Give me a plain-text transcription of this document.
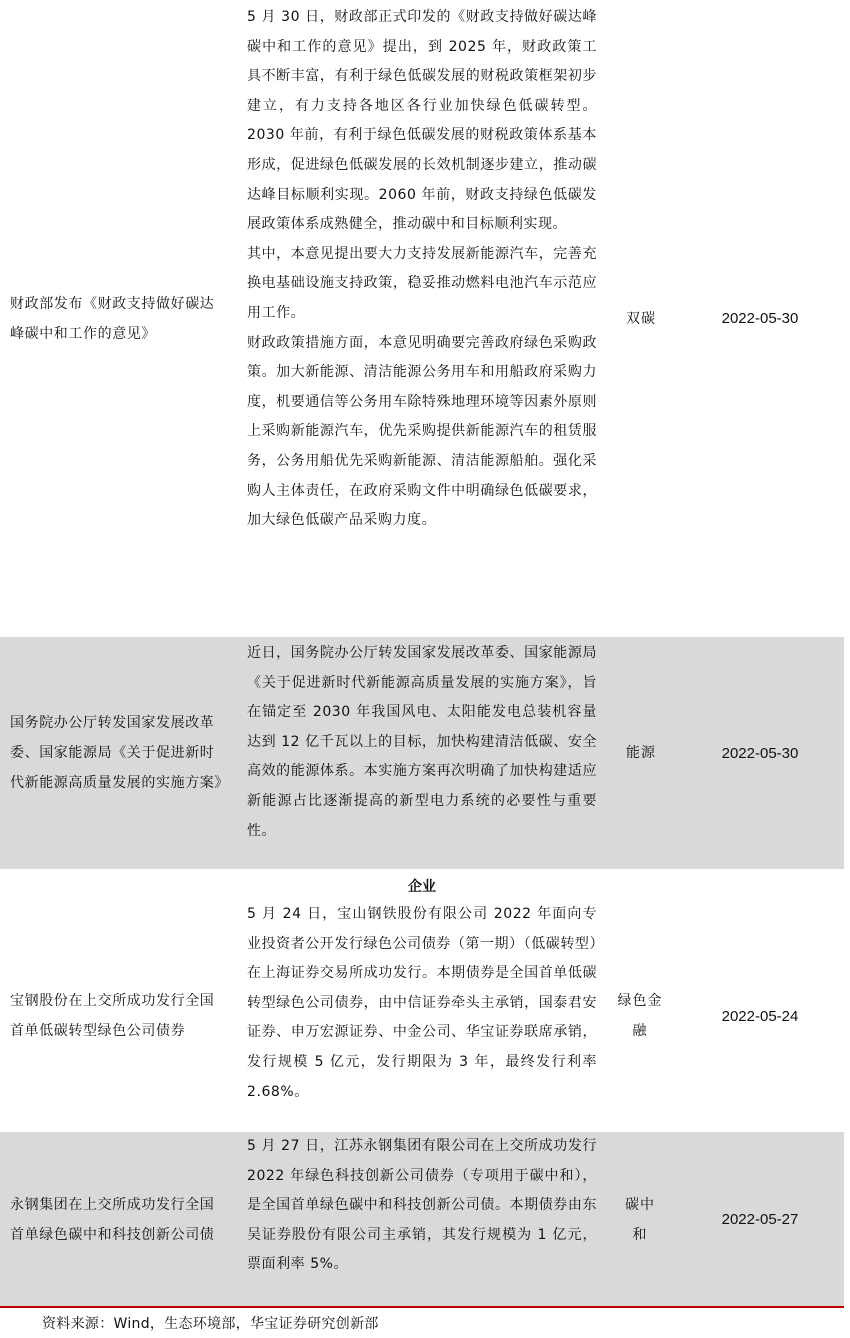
财政部发布《财政支持做好碳达峰碳中和工作的意见》

5 月 30 日，财政部正式印发的《财政支持做好碳达峰碳中和工作的意见》提出，到 2025 年，财政政策工具不断丰富，有利于绿色低碳发展的财税政策框架初步建立，有力支持各地区各行业加快绿色低碳转型。2030 年前，有利于绿色低碳发展的财税政策体系基本形成，促进绿色低碳发展的长效机制逐步建立，推动碳达峰目标顺利实现。2060 年前，财政支持绿色低碳发展政策体系成熟健全，推动碳中和目标顺利实现。

其中，本意见提出要大力支持发展新能源汽车，完善充换电基础设施支持政策，稳妥推动燃料电池汽车示范应用工作。

财政政策措施方面，本意见明确要完善政府绿色采购政策。加大新能源、清洁能源公务用车和用船政府采购力度，机要通信等公务用车除特殊地理环境等因素外原则上采购新能源汽车，优先采购提供新能源汽车的租赁服务，公务用船优先采购新能源、清洁能源船舶。强化采购人主体责任，在政府采购文件中明确绿色低碳要求，加大绿色低碳产品采购力度。

双碳	2022-05-30
国务院办公厅转发国家发展改革委、国家能源局《关于促进新时代新能源高质量发展的实施方案》

近日，国务院办公厅转发国家发展改革委、国家能源局《关于促进新时代新能源高质量发展的实施方案》，旨在锚定至 2030 年我国风电、太阳能发电总装机容量达到 12 亿千瓦以上的目标，加快构建清洁低碳、安全高效的能源体系。本实施方案再次明确了加快构建适应新能源占比逐渐提高的新型电力系统的必要性与重要性。

能源	2022-05-30
企业
宝钢股份在上交所成功发行全国首单低碳转型绿色公司债券

5 月 24 日，宝山钢铁股份有限公司 2022 年面向专业投资者公开发行绿色公司债券（第一期）（低碳转型）在上海证券交易所成功发行。本期债券是全国首单低碳转型绿色公司债券，由中信证券牵头主承销，国泰君安证券、申万宏源证券、中金公司、华宝证券联席承销，发行规模 5 亿元，发行期限为 3 年，最终发行利率 2.68%。

绿色金融
2022-05-24
永钢集团在上交所成功发行全国首单绿色碳中和科技创新公司债

5 月 27 日，江苏永钢集团有限公司在上交所成功发行 2022 年绿色科技创新公司债券（专项用于碳中和），是全国首单绿色碳中和科技创新公司债。本期债券由东吴证券股份有限公司主承销，其发行规模为 1 亿元，票面利率 5%。

碳中和
2022-05-27
资料来源：Wind，生态环境部，华宝证券研究创新部
